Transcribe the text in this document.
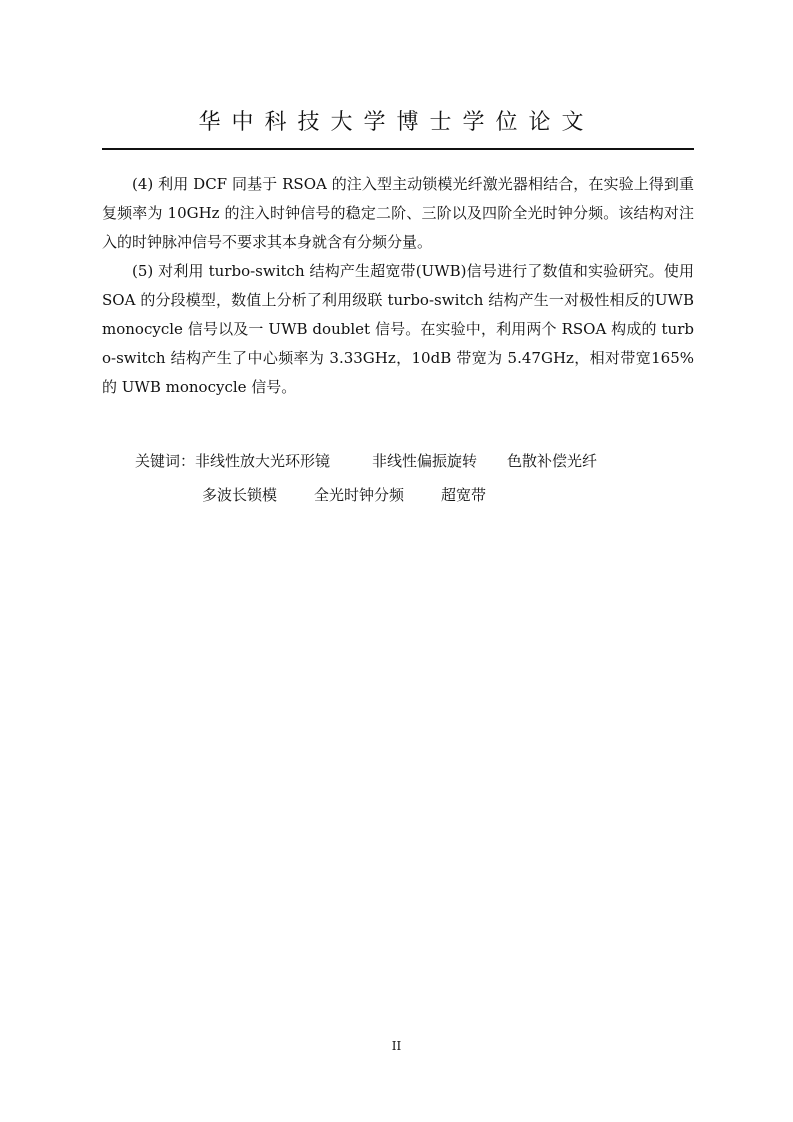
华中科技大学博士学位论文

(4) 利用 DCF 同基于 RSOA 的注入型主动锁模光纤激光器相结合，在实验上得到重复频率为 10GHz 的注入时钟信号的稳定二阶、三阶以及四阶全光时钟分频。该结构对注入的时钟脉冲信号不要求其本身就含有分频分量。

(5) 对利用 turbo-switch 结构产生超宽带(UWB)信号进行了数值和实验研究。使用 SOA 的分段模型，数值上分析了利用级联 turbo-switch 结构产生一对极性相反的UWB monocycle 信号以及一 UWB doublet 信号。在实验中，利用两个 RSOA 构成的 turbo-switch 结构产生了中心频率为 3.33GHz，10dB 带宽为 5.47GHz，相对带宽165%的 UWB monocycle 信号。

关键词： 非线性放大光环形镜	非线性偏振旋转 色散补偿光纤
多波长锁模 全光时钟分频 超宽带
II
